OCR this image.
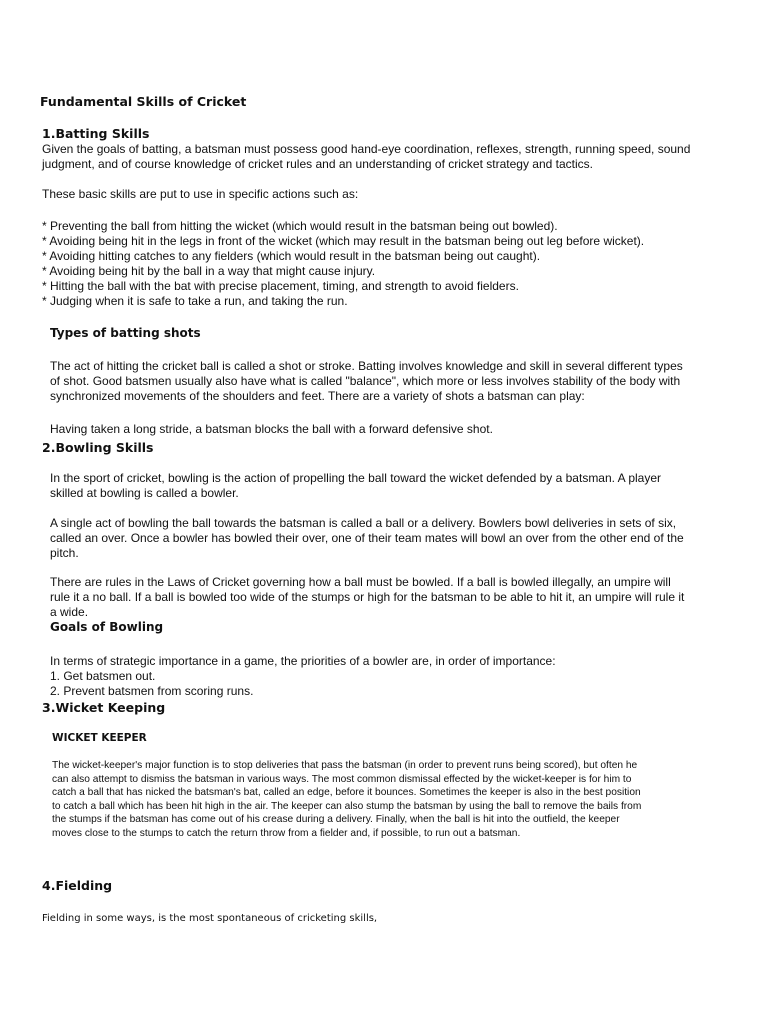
Fundamental Skills of Cricket
1.Batting Skills
Given the goals of batting, a batsman must possess good hand-eye coordination, reflexes, strength, running speed, sound
judgment, and of course knowledge of cricket rules and an understanding of cricket strategy and tactics.
These basic skills are put to use in specific actions such as:
* Preventing the ball from hitting the wicket (which would result in the batsman being out bowled).
* Avoiding being hit in the legs in front of the wicket (which may result in the batsman being out leg before wicket).
* Avoiding hitting catches to any fielders (which would result in the batsman being out caught).
* Avoiding being hit by the ball in a way that might cause injury.
* Hitting the ball with the bat with precise placement, timing, and strength to avoid fielders.
* Judging when it is safe to take a run, and taking the run.
Types of batting shots
The act of hitting the cricket ball is called a shot or stroke. Batting involves knowledge and skill in several different types
of shot. Good batsmen usually also have what is called "balance", which more or less involves stability of the body with
synchronized movements of the shoulders and feet. There are a variety of shots a batsman can play:
Having taken a long stride, a batsman blocks the ball with a forward defensive shot.
2.Bowling Skills
In the sport of cricket, bowling is the action of propelling the ball toward the wicket defended by a batsman. A player
skilled at bowling is called a bowler.
A single act of bowling the ball towards the batsman is called a ball or a delivery. Bowlers bowl deliveries in sets of six,
called an over. Once a bowler has bowled their over, one of their team mates will bowl an over from the other end of the
pitch.
There are rules in the Laws of Cricket governing how a ball must be bowled. If a ball is bowled illegally, an umpire will
rule it a no ball. If a ball is bowled too wide of the stumps or high for the batsman to be able to hit it, an umpire will rule it
a wide.
Goals of Bowling
In terms of strategic importance in a game, the priorities of a bowler are, in order of importance:
1. Get batsmen out.
2. Prevent batsmen from scoring runs.
3.Wicket Keeping
WICKET KEEPER
The wicket-keeper's major function is to stop deliveries that pass the batsman (in order to prevent runs being scored), but often he
can also attempt to dismiss the batsman in various ways. The most common dismissal effected by the wicket-keeper is for him to
catch a ball that has nicked the batsman's bat, called an edge, before it bounces. Sometimes the keeper is also in the best position
to catch a ball which has been hit high in the air. The keeper can also stump the batsman by using the ball to remove the bails from
the stumps if the batsman has come out of his crease during a delivery. Finally, when the ball is hit into the outfield, the keeper
moves close to the stumps to catch the return throw from a fielder and, if possible, to run out a batsman.
4.Fielding
Fielding in some ways, is the most spontaneous of cricketing skills,
